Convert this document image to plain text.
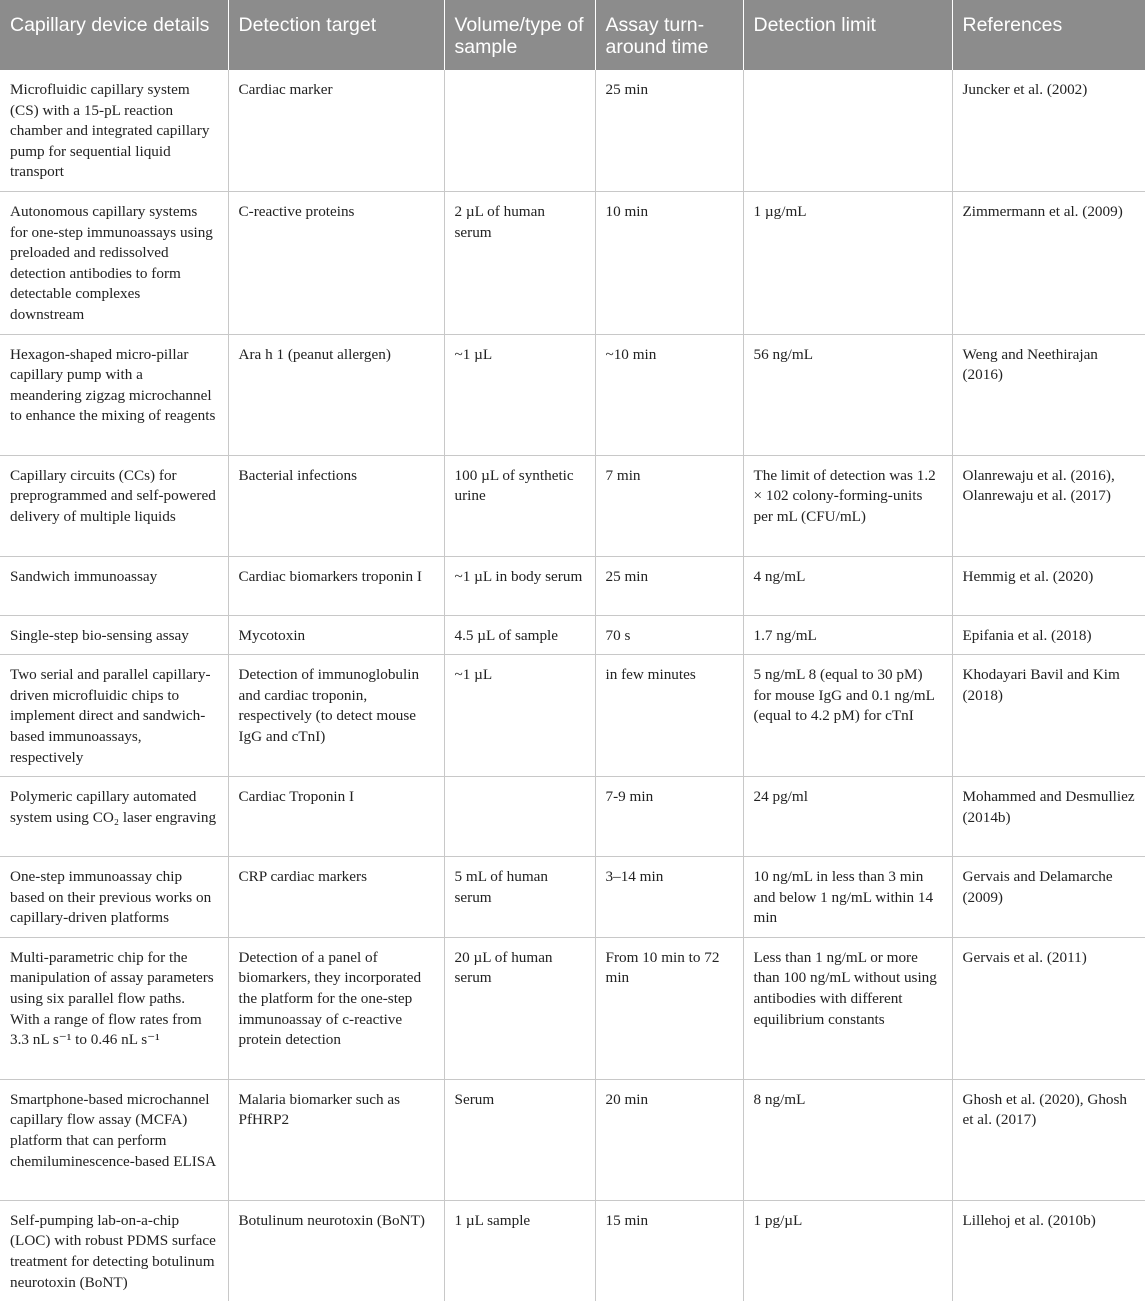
Capillary device details	Detection target	Volume/type of sample	Assay turn-around time	Detection limit	References
Microfluidic capillary system (CS) with a 15-pL reaction chamber and integrated capillary pump for sequential liquid transport	Cardiac marker		25 min		Juncker et al. (2002)
Autonomous capillary systems for one-step immunoassays using preloaded and redissolved detection antibodies to form detectable complexes downstream	C-reactive proteins	2 µL of human serum	10 min	1 µg/mL	Zimmermann et al. (2009)
Hexagon-shaped micro-pillar capillary pump with a meandering zigzag microchannel to enhance the mixing of reagents	Ara h 1 (peanut allergen)	~1 µL	~10 min	56 ng/mL	Weng and Neethirajan (2016)
Capillary circuits (CCs) for preprogrammed and self-powered delivery of multiple liquids	Bacterial infections	100 µL of synthetic urine	7 min	The limit of detection was 1.2 × 102 colony-forming-units per mL (CFU/mL)	Olanrewaju et al. (2016), Olanrewaju et al. (2017)
Sandwich immunoassay	Cardiac biomarkers troponin I	~1 µL in body serum	25 min	4 ng/mL	Hemmig et al. (2020)
Single-step bio-sensing assay	Mycotoxin	4.5 µL of sample	70 s	1.7 ng/mL	Epifania et al. (2018)
Two serial and parallel capillary-driven microfluidic chips to implement direct and sandwich-based immunoassays, respectively	Detection of immunoglobulin and cardiac troponin, respectively (to detect mouse IgG and cTnI)	~1 µL	in few minutes	5 ng/mL 8 (equal to 30 pM) for mouse IgG and 0.1 ng/mL (equal to 4.2 pM) for cTnI	Khodayari Bavil and Kim (2018)
Polymeric capillary automated system using CO₂ laser engraving	Cardiac Troponin I		7-9 min	24 pg/ml	Mohammed and Desmulliez (2014b)
One-step immunoassay chip based on their previous works on capillary-driven platforms	CRP cardiac markers	5 mL of human serum	3–14 min	10 ng/mL in less than 3 min and below 1 ng/mL within 14 min	Gervais and Delamarche (2009)
Multi-parametric chip for the manipulation of assay parameters using six parallel flow paths. With a range of flow rates from 3.3 nL s⁻¹ to 0.46 nL s⁻¹	Detection of a panel of biomarkers, they incorporated the platform for the one-step immunoassay of c-reactive protein detection	20 µL of human serum	From 10 min to 72 min	Less than 1 ng/mL or more than 100 ng/mL without using antibodies with different equilibrium constants	Gervais et al. (2011)
Smartphone-based microchannel capillary flow assay (MCFA) platform that can perform chemiluminescence-based ELISA	Malaria biomarker such as PfHRP2	Serum	20 min	8 ng/mL	Ghosh et al. (2020), Ghosh et al. (2017)
Self-pumping lab-on-a-chip (LOC) with robust PDMS surface treatment for detecting botulinum neurotoxin (BoNT)	Botulinum neurotoxin (BoNT)	1 µL sample	15 min	1 pg/µL	Lillehoj et al. (2010b)
